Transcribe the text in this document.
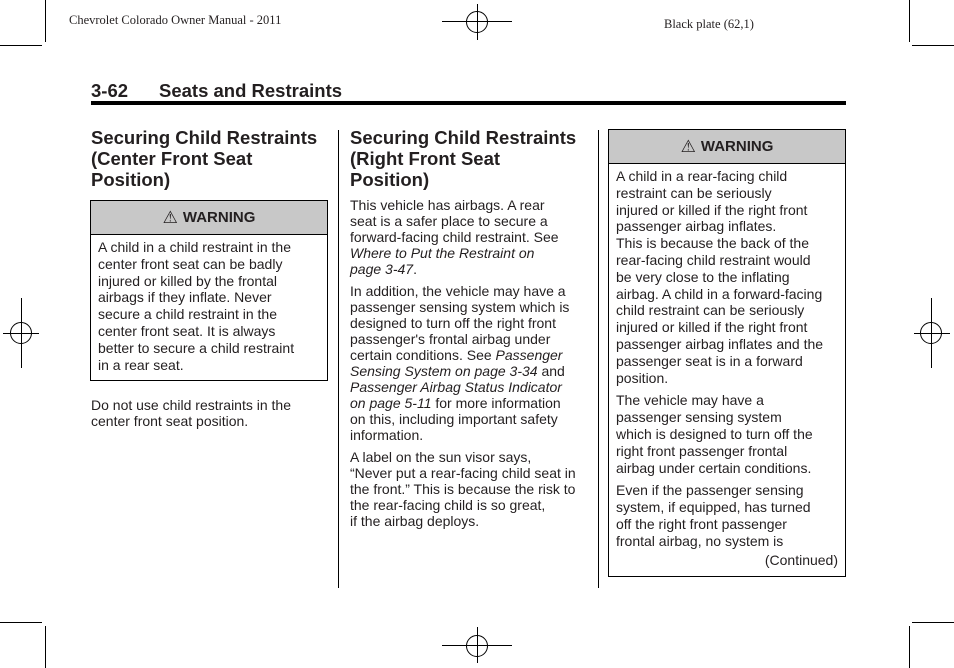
Chevrolet Colorado Owner Manual - 2011	Black plate (62,1)
3-62 Seats and Restraints
Securing Child Restraints
(Center Front Seat
Position)
⚠ WARNING
A child in a child restraint in the
center front seat can be badly
injured or killed by the frontal
airbags if they inflate. Never
secure a child restraint in the
center front seat. It is always
better to secure a child restraint
in a rear seat.
Do not use child restraints in the
center front seat position.
Securing Child Restraints
(Right Front Seat
Position)
This vehicle has airbags. A rear
seat is a safer place to secure a
forward-facing child restraint. See
Where to Put the Restraint on
page 3-47.
In addition, the vehicle may have a
passenger sensing system which is
designed to turn off the right front
passenger's frontal airbag under
certain conditions. See Passenger
Sensing System on page 3-34 and
Passenger Airbag Status Indicator
on page 5-11 for more information
on this, including important safety
information.
A label on the sun visor says,
“Never put a rear-facing child seat in
the front.” This is because the risk to
the rear-facing child is so great,
if the airbag deploys.
⚠ WARNING
A child in a rear-facing child
restraint can be seriously
injured or killed if the right front
passenger airbag inflates.
This is because the back of the
rear-facing child restraint would
be very close to the inflating
airbag. A child in a forward-facing
child restraint can be seriously
injured or killed if the right front
passenger airbag inflates and the
passenger seat is in a forward
position.
The vehicle may have a
passenger sensing system
which is designed to turn off the
right front passenger frontal
airbag under certain conditions.
Even if the passenger sensing
system, if equipped, has turned
off the right front passenger
frontal airbag, no system is
(Continued)
